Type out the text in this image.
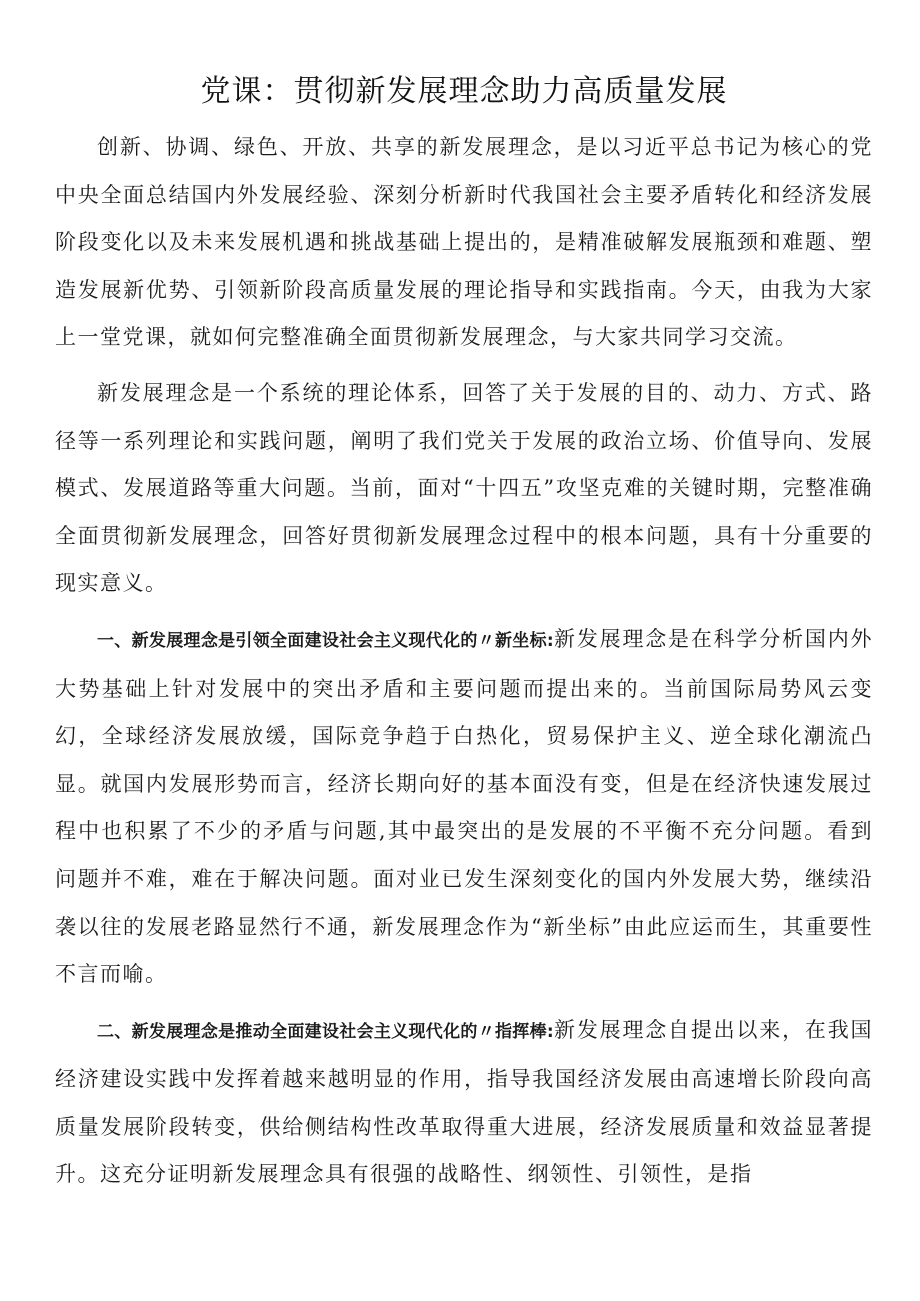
党课：贯彻新发展理念助力高质量发展

创新、协调、绿色、开放、共享的新发展理念，是以习近平总书记为核心的党中央全面总结国内外发展经验、深刻分析新时代我国社会主要矛盾转化和经济发展阶段变化以及未来发展机遇和挑战基础上提出的，是精准破解发展瓶颈和难题、塑造发展新优势、引领新阶段高质量发展的理论指导和实践指南。今天，由我为大家上一堂党课，就如何完整准确全面贯彻新发展理念，与大家共同学习交流。

新发展理念是一个系统的理论体系，回答了关于发展的目的、动力、方式、路径等一系列理论和实践问题，阐明了我们党关于发展的政治立场、价值导向、发展模式、发展道路等重大问题。当前，面对“十四五”攻坚克难的关键时期，完整准确全面贯彻新发展理念，回答好贯彻新发展理念过程中的根本问题，具有十分重要的现实意义。

一、新发展理念是引领全面建设社会主义现代化的〃新坐标:新发展理念是在科学分析国内外大势基础上针对发展中的突出矛盾和主要问题而提出来的。当前国际局势风云变幻，全球经济发展放缓，国际竞争趋于白热化，贸易保护主义、逆全球化潮流凸显。就国内发展形势而言，经济长期向好的基本面没有变，但是在经济快速发展过程中也积累了不少的矛盾与问题,其中最突出的是发展的不平衡不充分问题。看到问题并不难，难在于解决问题。面对业已发生深刻变化的国内外发展大势，继续沿袭以往的发展老路显然行不通，新发展理念作为“新坐标”由此应运而生，其重要性不言而喻。

二、新发展理念是推动全面建设社会主义现代化的〃指挥棒:新发展理念自提出以来，在我国经济建设实践中发挥着越来越明显的作用，指导我国经济发展由高速增长阶段向高质量发展阶段转变，供给侧结构性改革取得重大进展，经济发展质量和效益显著提升。这充分证明新发展理念具有很强的战略性、纲领性、引领性，是指
